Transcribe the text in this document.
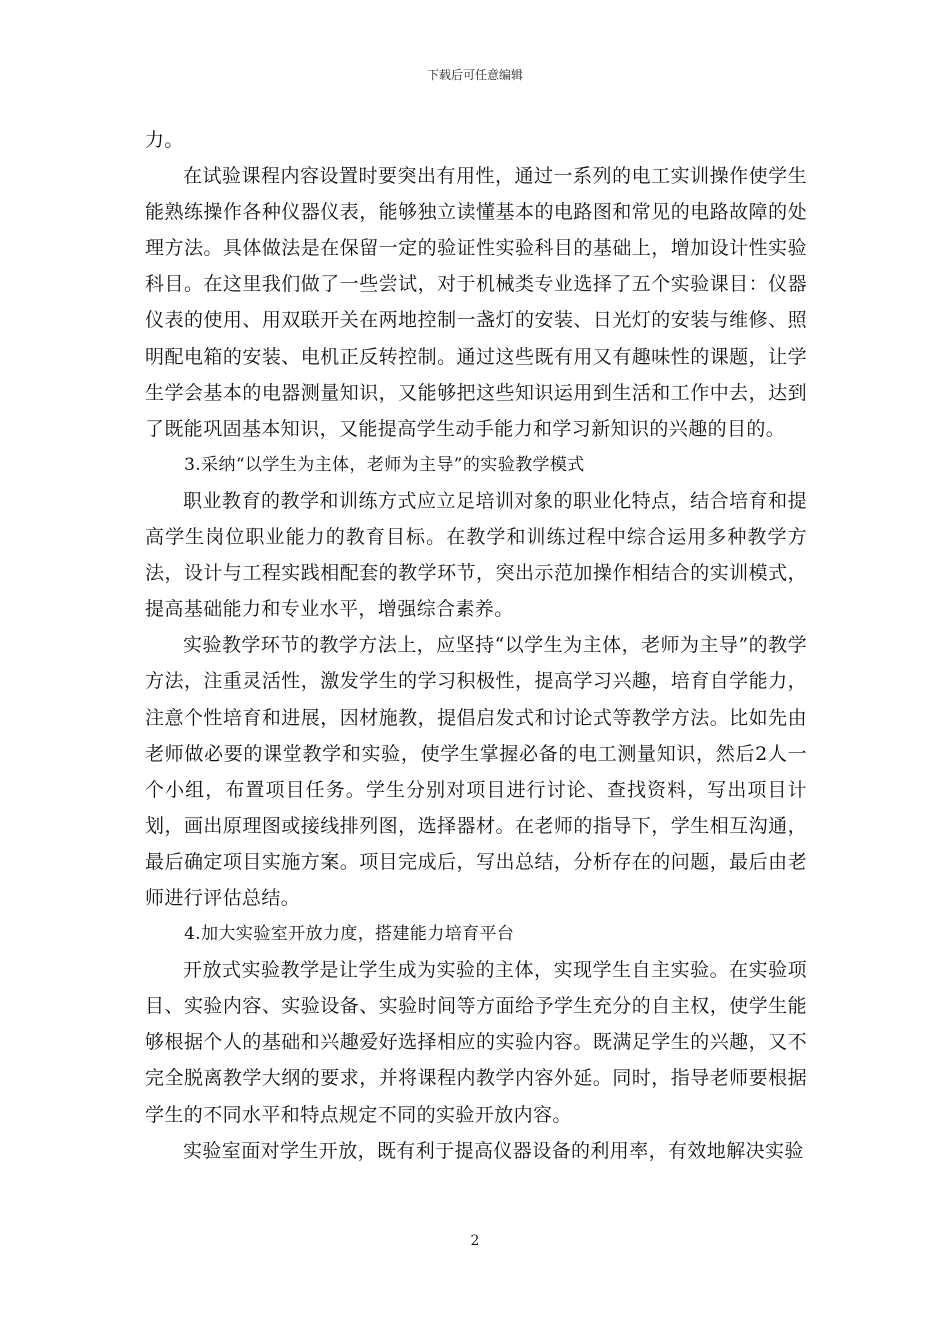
下载后可任意编辑

力。

在试验课程内容设置时要突出有用性，通过一系列的电工实训操作使学生能熟练操作各种仪器仪表，能够独立读懂基本的电路图和常见的电路故障的处理方法。具体做法是在保留一定的验证性实验科目的基础上，增加设计性实验科目。在这里我们做了一些尝试，对于机械类专业选择了五个实验课目：仪器仪表的使用、用双联开关在两地控制一盏灯的安装、日光灯的安装与维修、照明配电箱的安装、电机正反转控制。通过这些既有用又有趣味性的课题，让学生学会基本的电器测量知识，又能够把这些知识运用到生活和工作中去，达到了既能巩固基本知识，又能提高学生动手能力和学习新知识的兴趣的目的。

3.采纳“以学生为主体，老师为主导”的实验教学模式

职业教育的教学和训练方式应立足培训对象的职业化特点，结合培育和提高学生岗位职业能力的教育目标。在教学和训练过程中综合运用多种教学方法，设计与工程实践相配套的教学环节，突出示范加操作相结合的实训模式，提高基础能力和专业水平，增强综合素养。

实验教学环节的教学方法上，应坚持“以学生为主体，老师为主导”的教学方法，注重灵活性，激发学生的学习积极性，提高学习兴趣，培育自学能力，注意个性培育和进展，因材施教，提倡启发式和讨论式等教学方法。比如先由老师做必要的课堂教学和实验，使学生掌握必备的电工测量知识，然后2人一个小组，布置项目任务。学生分别对项目进行讨论、查找资料，写出项目计划，画出原理图或接线排列图，选择器材。在老师的指导下，学生相互沟通，最后确定项目实施方案。项目完成后，写出总结，分析存在的问题，最后由老师进行评估总结。

4.加大实验室开放力度，搭建能力培育平台

开放式实验教学是让学生成为实验的主体，实现学生自主实验。在实验项目、实验内容、实验设备、实验时间等方面给予学生充分的自主权，使学生能够根据个人的基础和兴趣爱好选择相应的实验内容。既满足学生的兴趣，又不完全脱离教学大纲的要求，并将课程内教学内容外延。同时，指导老师要根据学生的不同水平和特点规定不同的实验开放内容。

实验室面对学生开放，既有利于提高仪器设备的利用率，有效地解决实验

2
